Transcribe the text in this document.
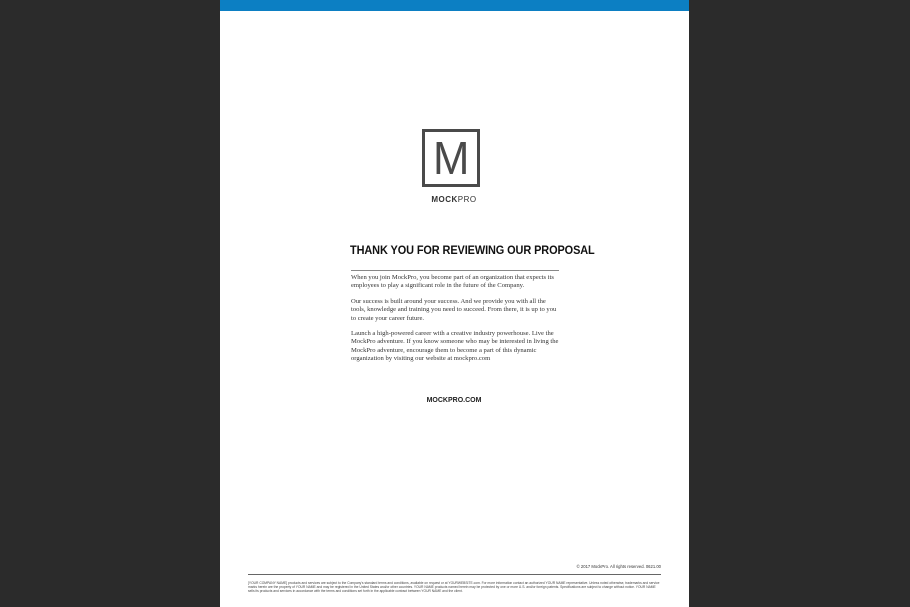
M
MOCKPRO
THANK YOU FOR REVIEWING OUR PROPOSAL

When you join MockPro, you become part of an organization that expects its employees to play a significant role in the future of the Company.

Our success is built around your success. And we provide you with all the tools, knowledge and training you need to succeed. From there, it is up to you to create your career future.

Launch a high-powered career with a creative industry powerhouse. Live the MockPro adventure. If you know someone who may be interested in living the MockPro adventure, encourage them to become a part of this dynamic organization by visiting our website at mockpro.com

MOCKPRO.COM
© 2017 MockPro. All rights reserved. 0621.00

[YOUR COMPANY NAME] products and services are subject to the Company's standard terms and conditions, available on request or at YOURWEBSITE.com. For more information contact an authorized YOUR NAME representative. Unless noted otherwise, trademarks and service marks herein are the property of YOUR NAME and may be registered in the United States and/or other countries. YOUR NAME products named herein may be protected by one or more U.S. and/or foreign patents. Specifications are subject to change without notice. YOUR NAME sells its products and services in accordance with the terms and conditions set forth in the applicable contract between YOUR NAME and the client.
